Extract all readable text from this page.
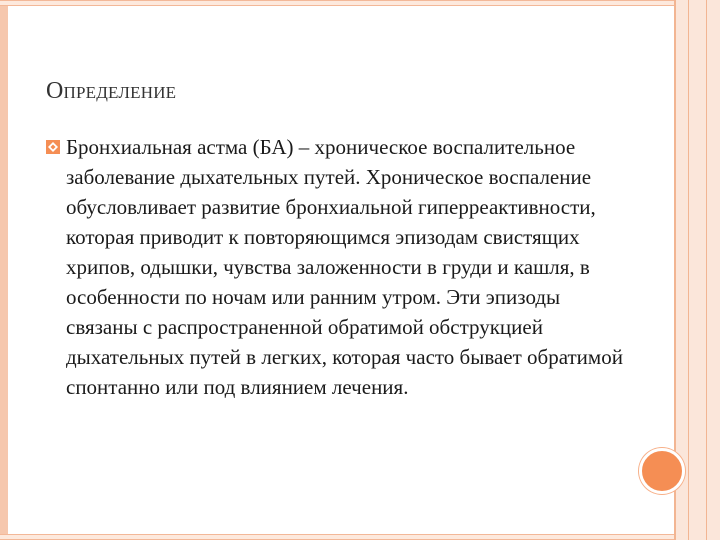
Определение

Бронхиальная астма (БА) – хроническое воспалительное заболевание дыхательных путей. Хроническое воспаление обусловливает развитие бронхиальной гиперреактивности, которая приводит к повторяющимся эпизодам свистящих хрипов, одышки, чувства заложенности в груди и кашля, в особенности по ночам или ранним утром. Эти эпизоды связаны с распространенной обратимой обструкцией дыхательных путей в легких, которая часто бывает обратимой спонтанно или под влиянием лечения.
